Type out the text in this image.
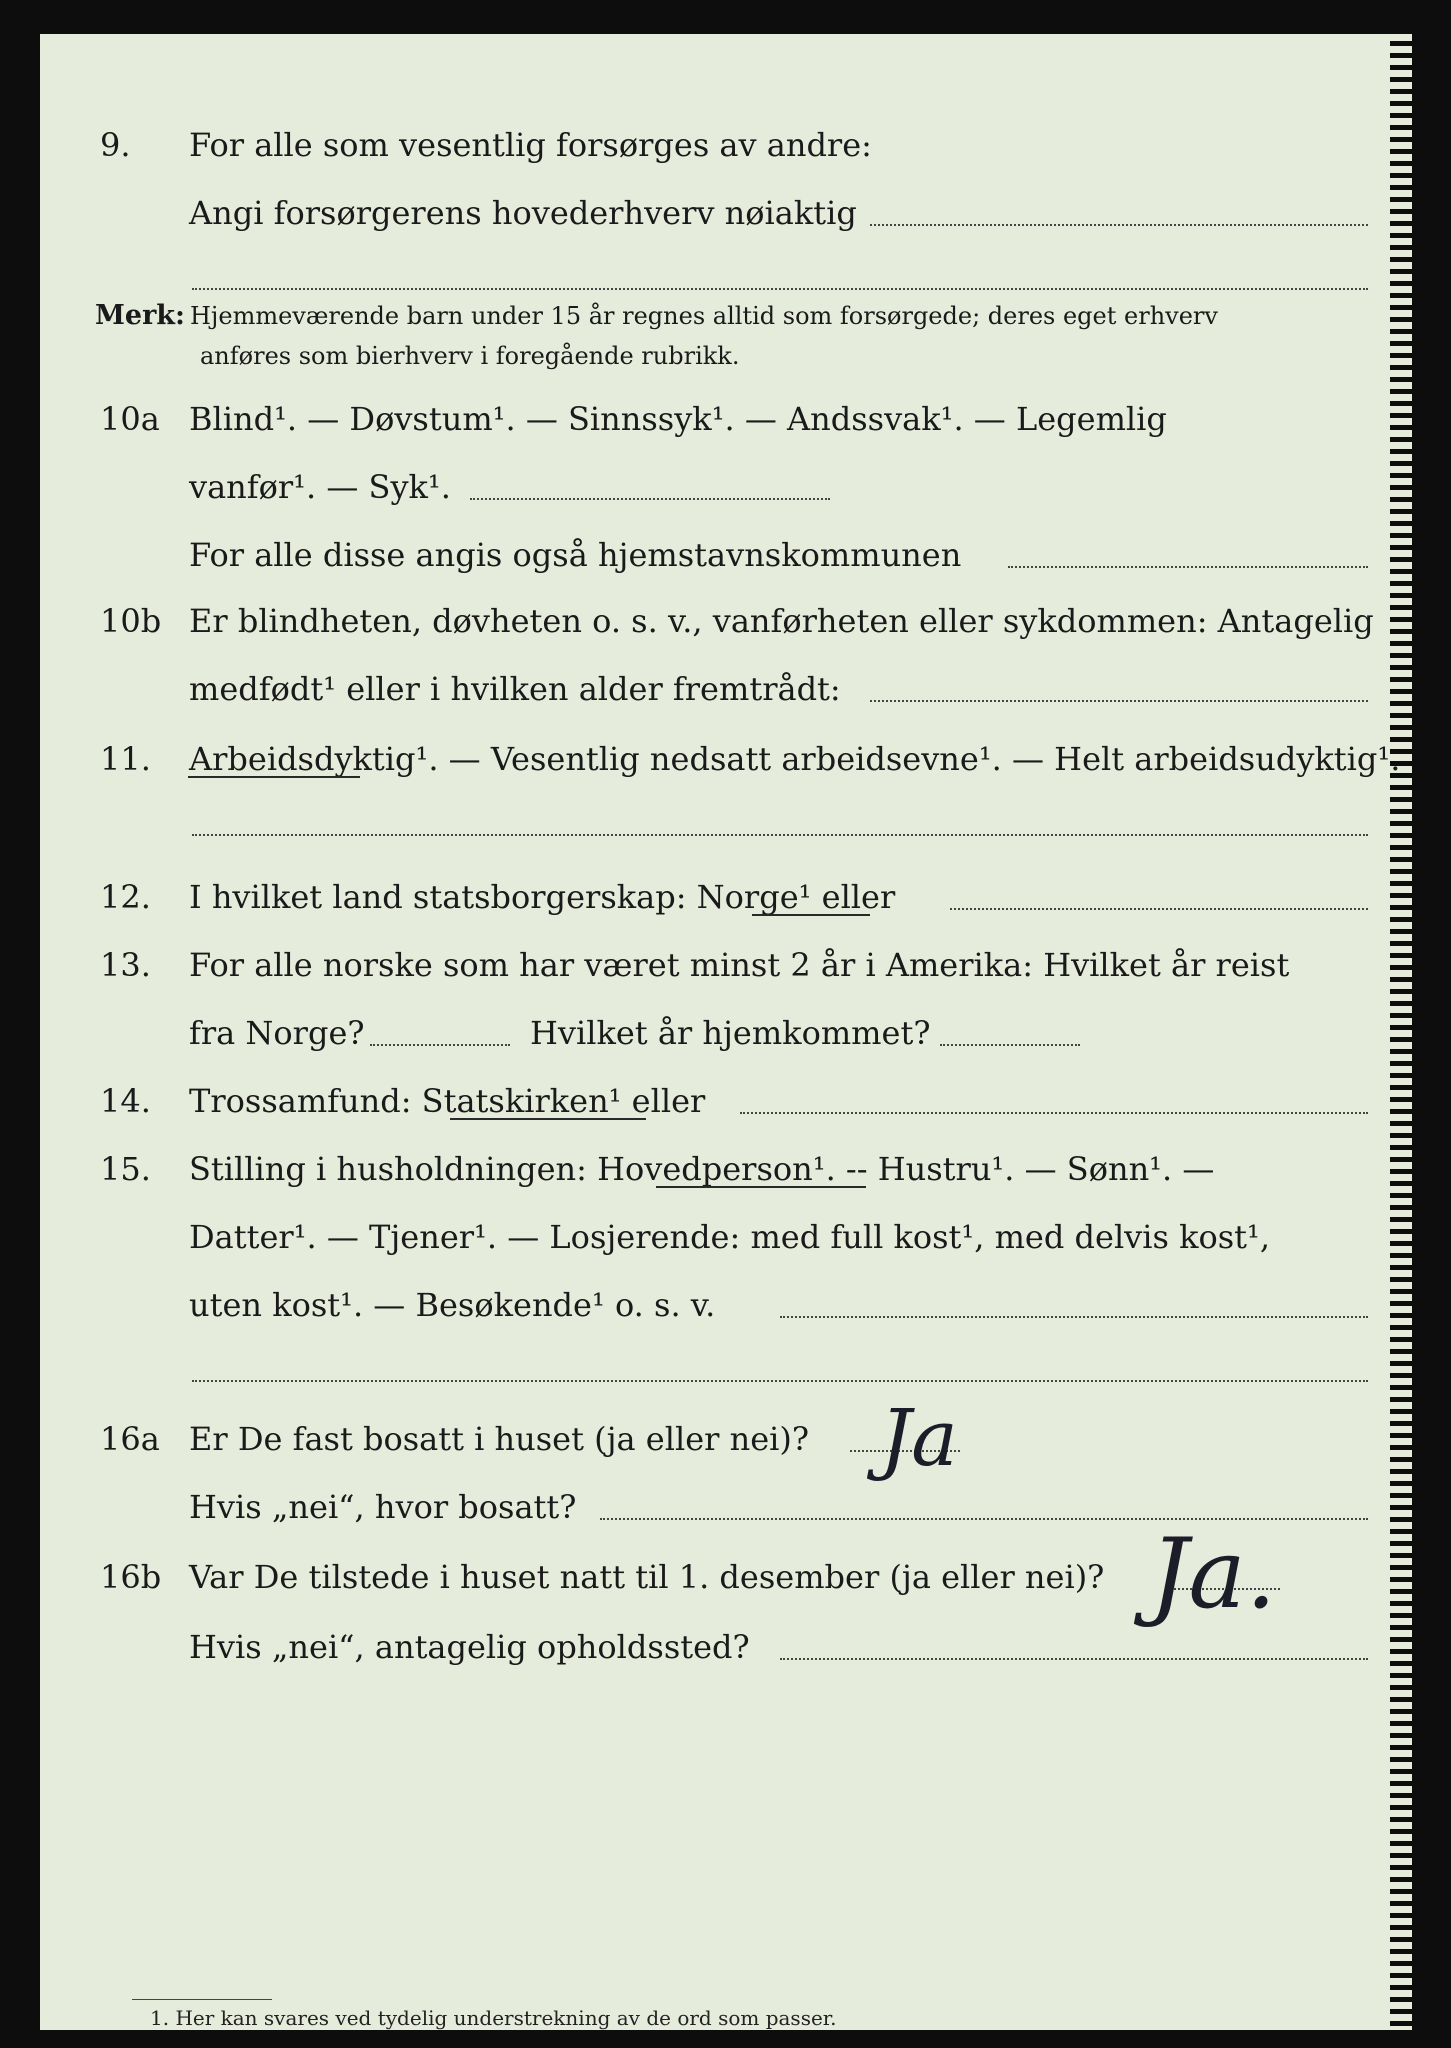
9. For alle som vesentlig forsørges av andre:
Angi forsørgerens hovederhverv nøiaktig
Merk: Hjemmeværende barn under 15 år regnes alltid som forsørgede; deres eget erhverv
anføres som bierhverv i foregående rubrikk.
10a Blind¹. — Døvstum¹. — Sinnssyk¹. — Andssvak¹. — Legemlig
vanfør¹. — Syk¹.
For alle disse angis også hjemstavnskommunen
10b Er blindheten, døvheten o. s. v., vanførheten eller sykdommen: Antagelig
medfødt¹ eller i hvilken alder fremtrådt:
11. Arbeidsdyktig¹. — Vesentlig nedsatt arbeidsevne¹. — Helt arbeidsudyktig¹.
12. I hvilket land statsborgerskap: Norge¹ eller
13. For alle norske som har været minst 2 år i Amerika: Hvilket år reist
fra Norge?	Hvilket år hjemkommet?
14. Trossamfund: Statskirken¹ eller
15. Stilling i husholdningen: Hovedperson¹. -- Hustru¹. — Sønn¹. —
Datter¹. — Tjener¹. — Losjerende: med full kost¹, med delvis kost¹,
uten kost¹. — Besøkende¹ o. s. v.
16a Er De fast bosatt i huset (ja eller nei)? Ja
Hvis „nei“, hvor bosatt?
16b Var De tilstede i huset natt til 1. desember (ja eller nei)? Ja.
Hvis „nei“, antagelig opholdssted?
1. Her kan svares ved tydelig understrekning av de ord som passer.
